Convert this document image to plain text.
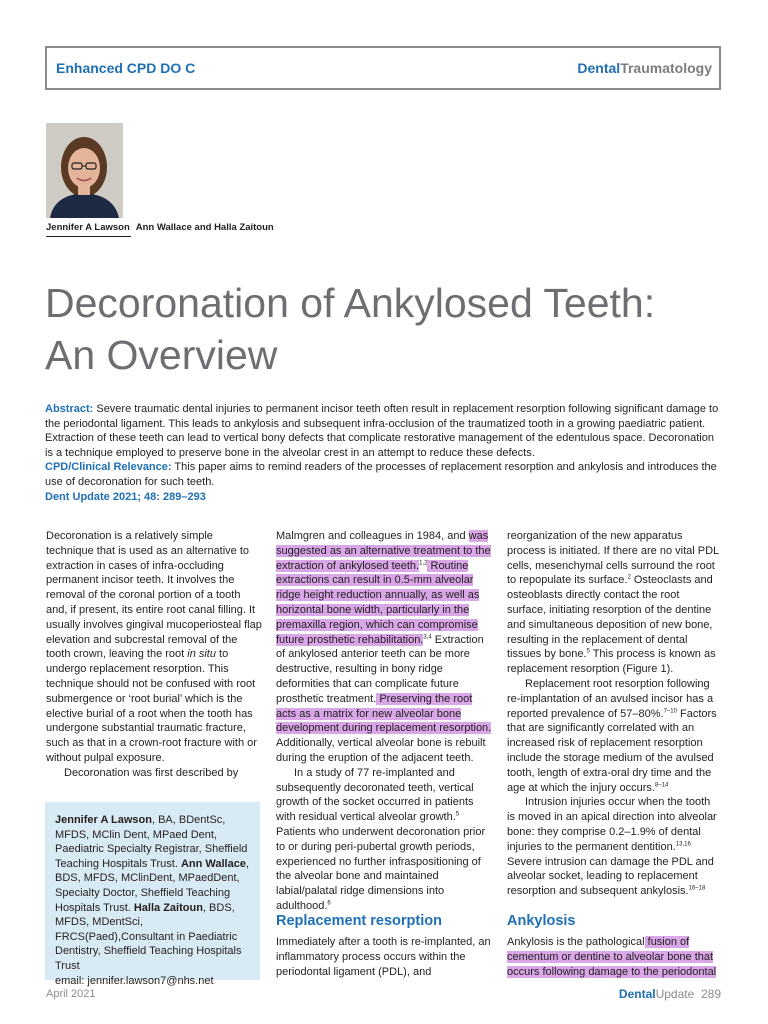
Enhanced CPD DO C	DentalTraumatology
Jennifer A Lawson Ann Wallace and Halla Zaitoun
Decoronation of Ankylosed Teeth:
An Overview
Abstract: Severe traumatic dental injuries to permanent incisor teeth often result in replacement resorption following significant damage to the periodontal ligament. This leads to ankylosis and subsequent infra-occlusion of the traumatized tooth in a growing paediatric patient. Extraction of these teeth can lead to vertical bony defects that complicate restorative management of the edentulous space. Decoronation is a technique employed to preserve bone in the alveolar crest in an attempt to reduce these defects.
CPD/Clinical Relevance: This paper aims to remind readers of the processes of replacement resorption and ankylosis and introduces the use of decoronation for such teeth.
Dent Update 2021; 48: 289–293

Decoronation is a relatively simple technique that is used as an alternative to extraction in cases of infra-occluding permanent incisor teeth. It involves the removal of the coronal portion of a tooth and, if present, its entire root canal filling. It usually involves gingival mucoperiosteal flap elevation and subcrestal removal of the tooth crown, leaving the root in situ to undergo replacement resorption. This technique should not be confused with root submergence or ‘root burial’ which is the elective burial of a root when the tooth has undergone substantial traumatic fracture, such as that in a crown-root fracture with or without pulpal exposure.

Decoronation was first described by

Jennifer A Lawson, BA, BDentSc, MFDS, MClin Dent, MPaed Dent, Paediatric Specialty Registrar, Sheffield Teaching Hospitals Trust. Ann Wallace, BDS, MFDS, MClinDent, MPaedDent, Specialty Doctor, Sheffield Teaching Hospitals Trust. Halla Zaitoun, BDS, MFDS, MDentSci, FRCS(Paed),Consultant in Paediatric Dentistry, Sheffield Teaching Hospitals Trust
email: jennifer.lawson7@nhs.net

Malmgren and colleagues in 1984, and was suggested as an alternative treatment to the extraction of ankylosed teeth.$^{1,2}$ Routine extractions can result in 0.5-mm alveolar ridge height reduction annually, as well as horizontal bone width, particularly in the premaxilla region, which can compromise future prosthetic rehabilitation.$^{3,4}$ Extraction of ankylosed anterior teeth can be more destructive, resulting in bony ridge deformities that can complicate future prosthetic treatment. Preserving the root acts as a matrix for new alveolar bone development during replacement resorption. Additionally, vertical alveolar bone is rebuilt during the eruption of the adjacent teeth.

In a study of 77 re-implanted and subsequently decoronated teeth, vertical growth of the socket occurred in patients with residual vertical alveolar growth.$^5$ Patients who underwent decoronation prior to or during peri-pubertal growth periods, experienced no further infraspositioning of the alveolar bone and maintained labial/palatal ridge dimensions into adulthood.$^6$

Replacement resorption
Immediately after a tooth is re-implanted, an inflammatory process occurs within the periodontal ligament (PDL), and

reorganization of the new apparatus process is initiated. If there are no vital PDL cells, mesenchymal cells surround the root to repopulate its surface.$^2$ Osteoclasts and osteoblasts directly contact the root surface, initiating resorption of the dentine and simultaneous deposition of new bone, resulting in the replacement of dental tissues by bone.$^5$ This process is known as replacement resorption (Figure 1).

Replacement root resorption following re-implantation of an avulsed incisor has a reported prevalence of 57–80%.$^{7-10}$ Factors that are significantly correlated with an increased risk of replacement resorption include the storage medium of the avulsed tooth, length of extra-oral dry time and the age at which the injury occurs.$^{8-14}$

Intrusion injuries occur when the tooth is moved in an apical direction into alveolar bone: they comprise 0.2–1.9% of dental injuries to the permanent dentition.$^{13,16}$ Severe intrusion can damage the PDL and alveolar socket, leading to replacement resorption and subsequent ankylosis.$^{16-18}$

Ankylosis
Ankylosis is the pathological fusion of cementum or dentine to alveolar bone that occurs following damage to the periodontal
April 2021	DentalUpdate 289
